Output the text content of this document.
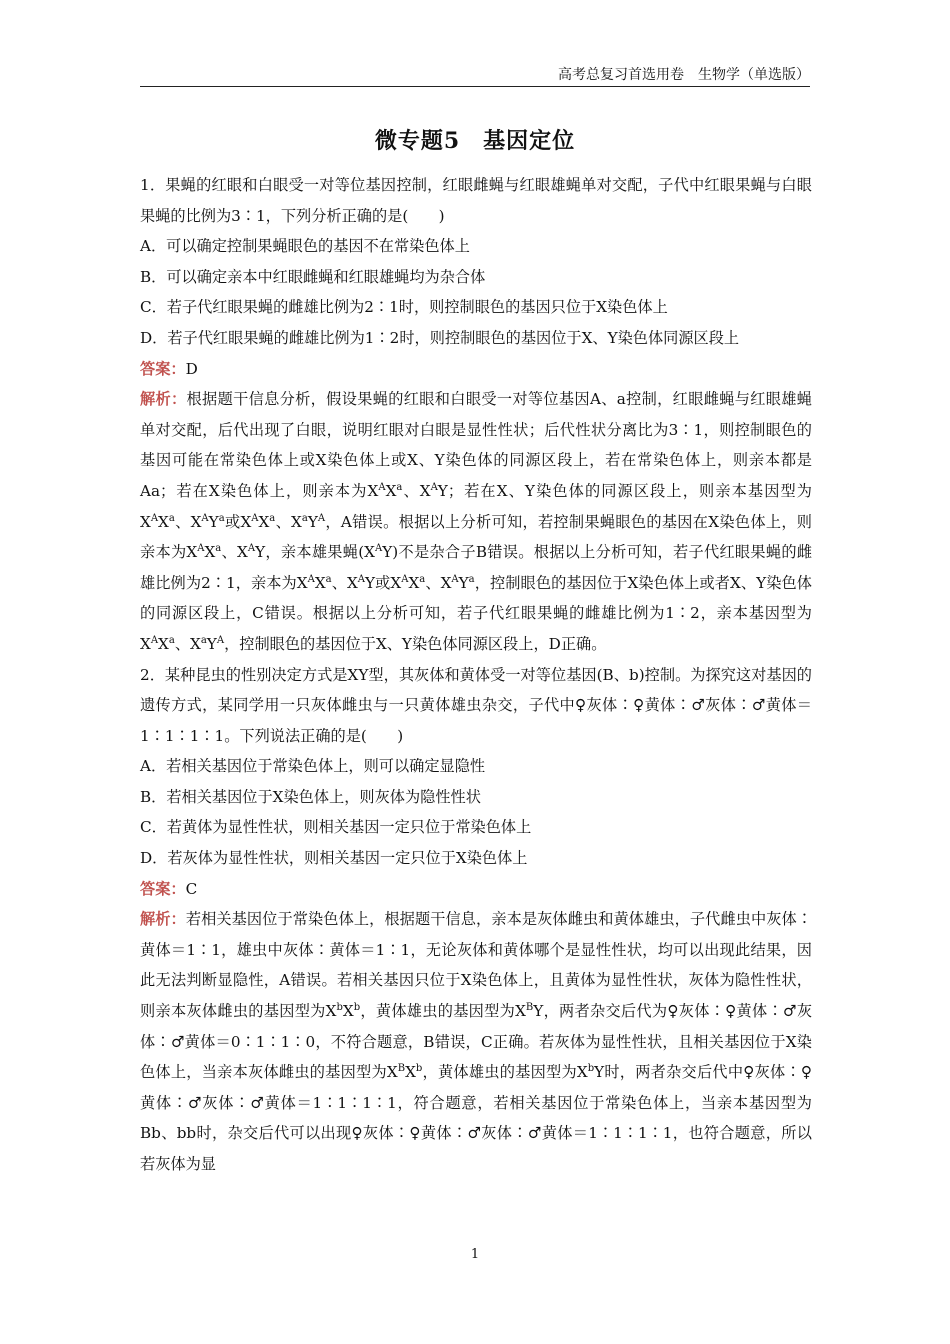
高考总复习首选用卷　生物学（单选版）
微专题5　基因定位

1．果蝇的红眼和白眼受一对等位基因控制，红眼雌蝇与红眼雄蝇单对交配，子代中红眼果蝇与白眼果蝇的比例为3∶1，下列分析正确的是(　　)

A．可以确定控制果蝇眼色的基因不在常染色体上

B．可以确定亲本中红眼雌蝇和红眼雄蝇均为杂合体

C．若子代红眼果蝇的雌雄比例为2∶1时，则控制眼色的基因只位于X染色体上

D．若子代红眼果蝇的雌雄比例为1∶2时，则控制眼色的基因位于X、Y染色体同源区段上

答案：D

解析：根据题干信息分析，假设果蝇的红眼和白眼受一对等位基因A、a控制，红眼雌蝇与红眼雄蝇单对交配，后代出现了白眼，说明红眼对白眼是显性性状；后代性状分离比为3∶1，则控制眼色的基因可能在常染色体上或X染色体上或X、Y染色体的同源区段上，若在常染色体上，则亲本都是Aa；若在X染色体上，则亲本为$X^AX^a$、$X^AY$；若在X、Y染色体的同源区段上，则亲本基因型为$X^AX^a$、$X^AY^a$或$X^AX^a$、$X^aY^A$，A错误。根据以上分析可知，若控制果蝇眼色的基因在X染色体上，则亲本为$X^AX^a$、$X^AY$，亲本雄果蝇$(X^AY)$不是杂合子B错误。根据以上分析可知，若子代红眼果蝇的雌雄比例为2∶1，亲本为$X^AX^a$、$X^AY$或$X^AX^a$、$X^AY^a$，控制眼色的基因位于X染色体上或者X、Y染色体的同源区段上，C错误。根据以上分析可知，若子代红眼果蝇的雌雄比例为1∶2，亲本基因型为$X^AX^a$、$X^aY^A$，控制眼色的基因位于X、Y染色体同源区段上，D正确。

2．某种昆虫的性别决定方式是XY型，其灰体和黄体受一对等位基因(B、b)控制。为探究这对基因的遗传方式，某同学用一只灰体雌虫与一只黄体雄虫杂交，子代中♀灰体∶♀黄体∶♂灰体∶♂黄体＝1∶1∶1∶1。下列说法正确的是(　　)

A．若相关基因位于常染色体上，则可以确定显隐性

B．若相关基因位于X染色体上，则灰体为隐性性状

C．若黄体为显性性状，则相关基因一定只位于常染色体上

D．若灰体为显性性状，则相关基因一定只位于X染色体上

答案：C

解析：若相关基因位于常染色体上，根据题干信息，亲本是灰体雌虫和黄体雄虫，子代雌虫中灰体∶黄体＝1∶1，雄虫中灰体∶黄体＝1∶1，无论灰体和黄体哪个是显性性状，均可以出现此结果，因此无法判断显隐性，A错误。若相关基因只位于X染色体上，且黄体为显性性状，灰体为隐性性状，则亲本灰体雌虫的基因型为$X^bX^b$，黄体雄虫的基因型为$X^BY$，两者杂交后代为♀灰体∶♀黄体∶♂灰体∶♂黄体＝0∶1∶1∶0，不符合题意，B错误，C正确。若灰体为显性性状，且相关基因位于X染色体上，当亲本灰体雌虫的基因型为$X^BX^b$，黄体雄虫的基因型为$X^bY$时，两者杂交后代中♀灰体∶♀黄体∶♂灰体∶♂黄体＝1∶1∶1∶1，符合题意，若相关基因位于常染色体上，当亲本基因型为Bb、bb时，杂交后代可以出现♀灰体∶♀黄体∶♂灰体∶♂黄体＝1∶1∶1∶1，也符合题意，所以若灰体为显

1
